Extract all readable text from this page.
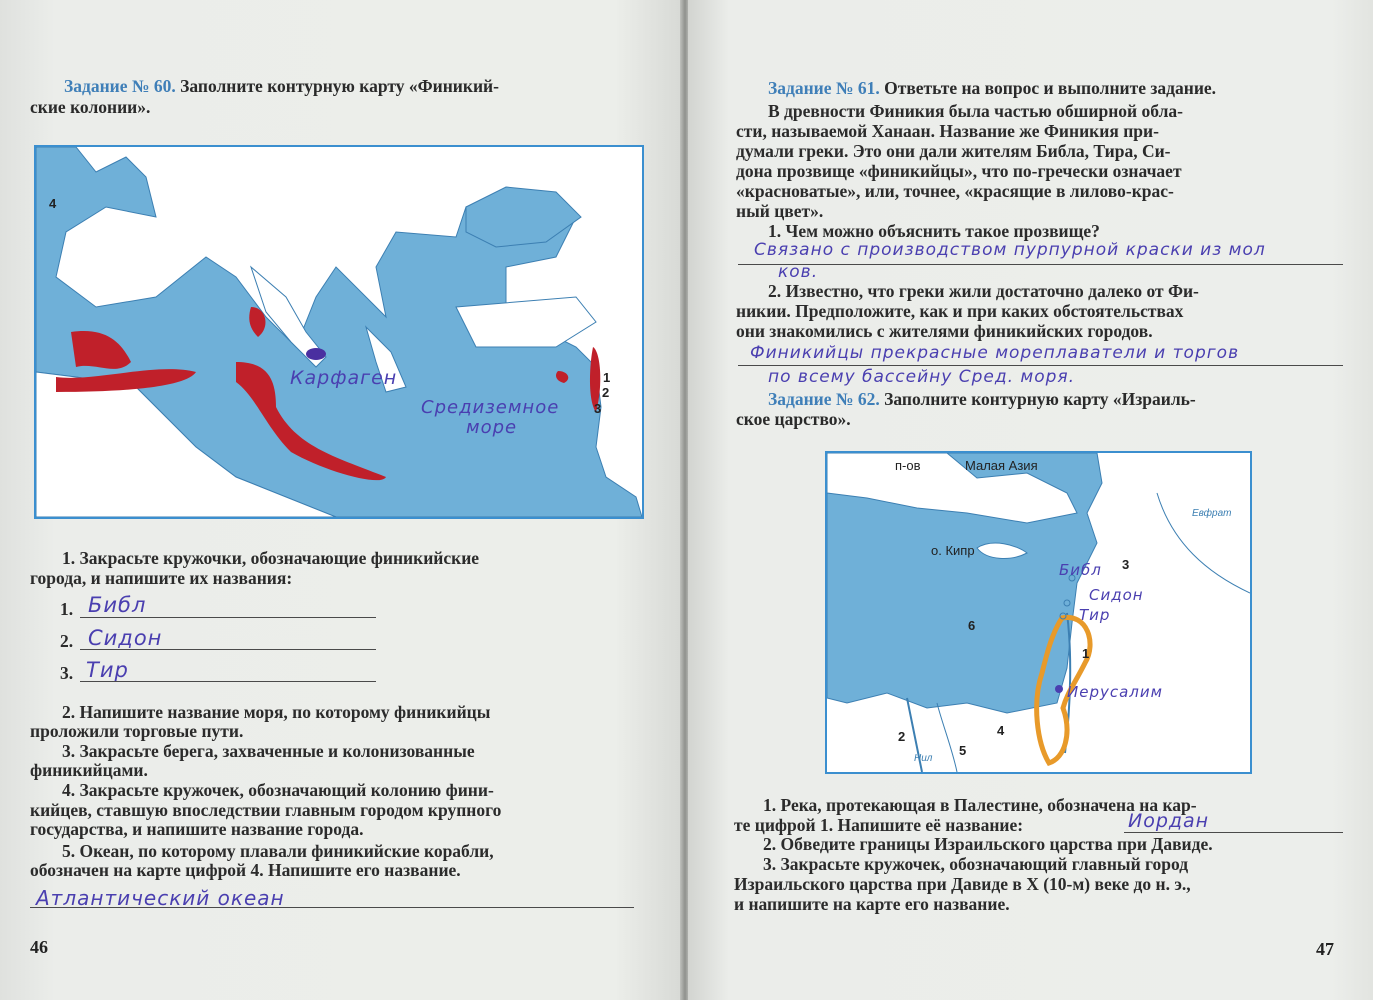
Задание № 60. Заполните контурную карту «Финикий-
ские колонии».
4
1
2
3
Карфаген
Средиземное
море
1. Закрасьте кружочки, обозначающие финикийские
города, и напишите их названия:
1. Библ
2. Сидон
3. Тир
2. Напишите название моря, по которому финикийцы
проложили торговые пути.
3. Закрасьте берега, захваченные и колонизованные
финикийцами.
4. Закрасьте кружочек, обозначающий колонию фини-
кийцев, ставшую впоследствии главным городом крупного
государства, и напишите название города.
5. Океан, по которому плавали финикийские корабли,
обозначен на карте цифрой 4. Напишите его название.
Атлантический океан
46
Задание № 61. Ответьте на вопрос и выполните задание.
В древности Финикия была частью обширной обла-
сти, называемой Ханаан. Название же Финикия при-
думали греки. Это они дали жителям Библа, Тира, Си-
дона прозвище «финикийцы», что по-гречески означает
«красноватые», или, точнее, «красящие в лилово-крас-
ный цвет».
1. Чем можно объяснить такое прозвище?
Связано с производством пурпурной краски из мол
ков.
2. Известно, что греки жили достаточно далеко от Фи-
никии. Предположите, как и при каких обстоятельствах
они знакомились с жителями финикийских городов.
Финикийцы прекрасные мореплаватели и торгов
по всему бассейну Сред. моря.
Задание № 62. Заполните контурную карту «Израиль-
ское царство».
п-ов	Малая Азия
о. Кипр
Евфрат
Нил
1
2
3
4
5
6
Библ
Сидон
Тир
Иерусалим
1. Река, протекающая в Палестине, обозначена на кар-
те цифрой 1. Напишите её название:	Иордан
2. Обведите границы Израильского царства при Давиде.
3. Закрасьте кружочек, обозначающий главный город
Израильского царства при Давиде в X (10-м) веке до н. э.,
и напишите на карте его название.
47
